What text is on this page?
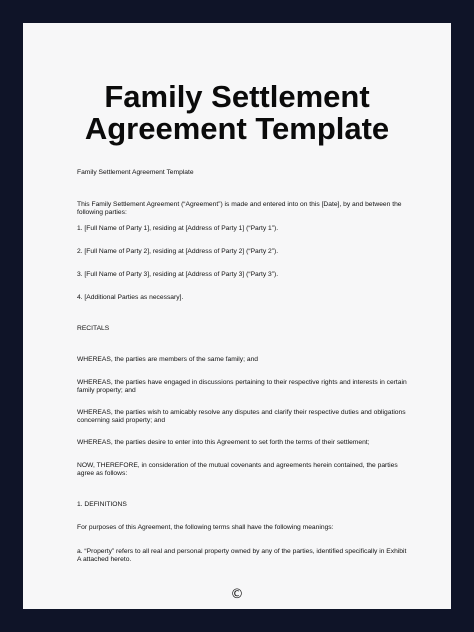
Family Settlement
Agreement Template

Family Settlement Agreement Template

This Family Settlement Agreement (“Agreement”) is made and entered into on this [Date], by and between the following parties:

1. [Full Name of Party 1], residing at [Address of Party 1] (“Party 1”).

2. [Full Name of Party 2], residing at [Address of Party 2] (“Party 2”).

3. [Full Name of Party 3], residing at [Address of Party 3] (“Party 3”).

4. [Additional Parties as necessary].

RECITALS

WHEREAS, the parties are members of the same family; and

WHEREAS, the parties have engaged in discussions pertaining to their respective rights and interests in certain family property; and

WHEREAS, the parties wish to amicably resolve any disputes and clarify their respective duties and obligations concerning said property; and

WHEREAS, the parties desire to enter into this Agreement to set forth the terms of their settlement;

NOW, THEREFORE, in consideration of the mutual covenants and agreements herein contained, the parties agree as follows:

1. DEFINITIONS

For purposes of this Agreement, the following terms shall have the following meanings:

a. “Property” refers to all real and personal property owned by any of the parties, identified specifically in Exhibit A attached hereto.

©
